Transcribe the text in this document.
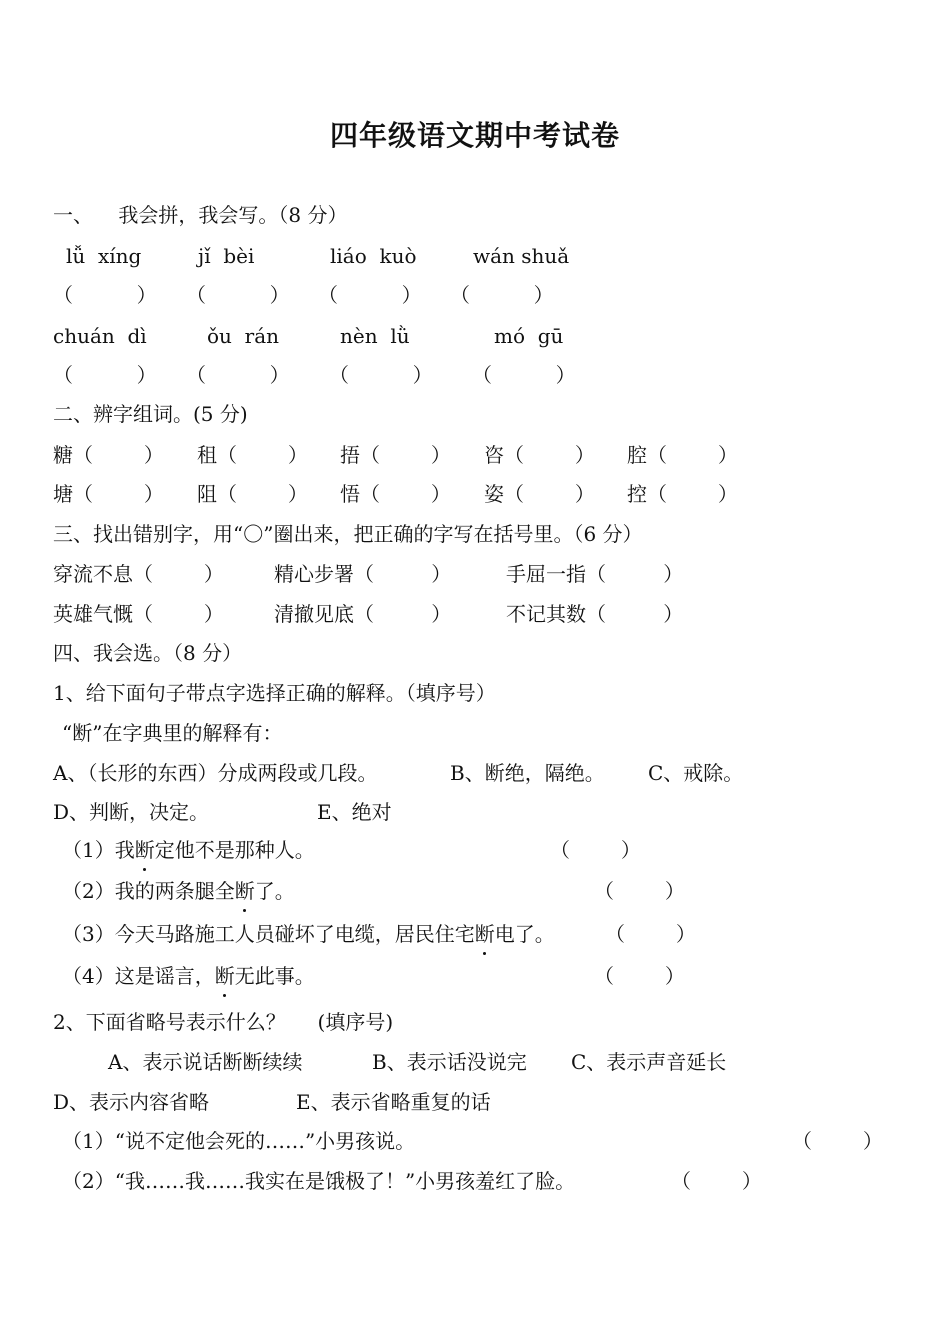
四年级语文期中考试卷
一、    我会拼，我会写。（8 分）
lǚ  xíng	jǐ  bèi	liáo  kuò	wán shuǎ
（          ） （          ） （          ） （          ）
chuán  dì	ǒu  rán	nèn  lǜ	mó  gū
（          ） （          ） （          ） （          ）
二、辨字组词。(5 分)
糖（        ） 租（        ） 捂（        ） 咨（        ） 腔（        ）
塘（        ） 阻（        ） 悟（        ） 姿（        ） 控（        ）
三、找出错别字，用“〇”圈出来，把正确的字写在括号里。（6 分）
穿流不息（        ）	精心步署（         ）	手屈一指（         ）
英雄气慨（        ）	清撤见底（         ）	不记其数（         ）
四、我会选。（8 分）
1、给下面句子带点字选择正确的解释。（填序号）
“断”在字典里的解释有：
A、（长形的东西）分成两段或几段。	B、断绝，隔绝。 C、戒除。
D、判断，决定。	E、绝对
（1）我断定他不是那种人。	（        ）
（2）我的两条腿全断了。	（        ）
（3）今天马路施工人员碰坏了电缆，居民住宅断电了。	（        ）
（4）这是谣言，断无此事。	（        ）
2、下面省略号表示什么？     (填序号)
A、表示说话断断续续	B、表示话没说完 C、表示声音延长
D、表示内容省略	E、表示省略重复的话
（1）“说不定他会死的……”小男孩说。	（        ）
（2）“我……我……我实在是饿极了！”小男孩羞红了脸。	（        ）
